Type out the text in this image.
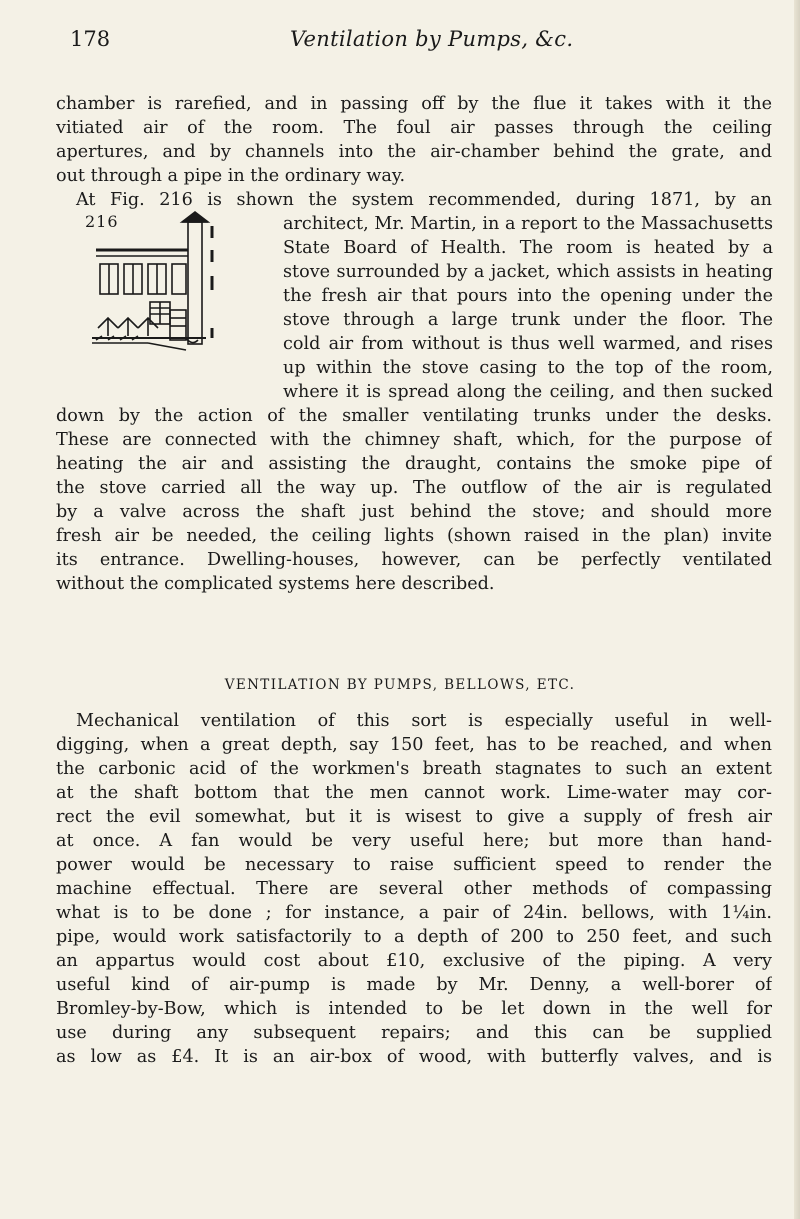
178	Ventilation by Pumps, &c.
chamber is rarefied, and in passing off by the flue it takes with it the
vitiated air of the room. The foul air passes through the ceiling
apertures, and by channels into the air-chamber behind the grate, and
out through a pipe in the ordinary way.
At Fig. 216 is shown the system recommended, during 1871, by an
216	architect, Mr. Martin, in a report to the Massachusetts
State Board of Health. The room is heated by a
stove surrounded by a jacket, which assists in heating
the fresh air that pours into the opening under the
stove through a large trunk under the floor. The
cold air from without is thus well warmed, and rises
up within the stove casing to the top of the room,
where it is spread along the ceiling, and then sucked
down by the action of the smaller ventilating trunks under the desks.
These are connected with the chimney shaft, which, for the purpose of
heating the air and assisting the draught, contains the smoke pipe of
the stove carried all the way up. The outflow of the air is regulated
by a valve across the shaft just behind the stove; and should more
fresh air be needed, the ceiling lights (shown raised in the plan) invite
its entrance. Dwelling-houses, however, can be perfectly ventilated
without the complicated systems here described.
VENTILATION BY PUMPS, BELLOWS, ETC.
Mechanical ventilation of this sort is especially useful in well-
digging, when a great depth, say 150 feet, has to be reached, and when
the carbonic acid of the workmen's breath stagnates to such an extent
at the shaft bottom that the men cannot work. Lime-water may cor-
rect the evil somewhat, but it is wisest to give a supply of fresh air
at once. A fan would be very useful here; but more than hand-
power would be necessary to raise sufficient speed to render the
machine effectual. There are several other methods of compassing
what is to be done ; for instance, a pair of 24in. bellows, with 1¼in.
pipe, would work satisfactorily to a depth of 200 to 250 feet, and such
an appartus would cost about £10, exclusive of the piping. A very
useful kind of air-pump is made by Mr. Denny, a well-borer of
Bromley-by-Bow, which is intended to be let down in the well for
use during any subsequent repairs; and this can be supplied
as low as £4. It is an air-box of wood, with butterfly valves, and is
